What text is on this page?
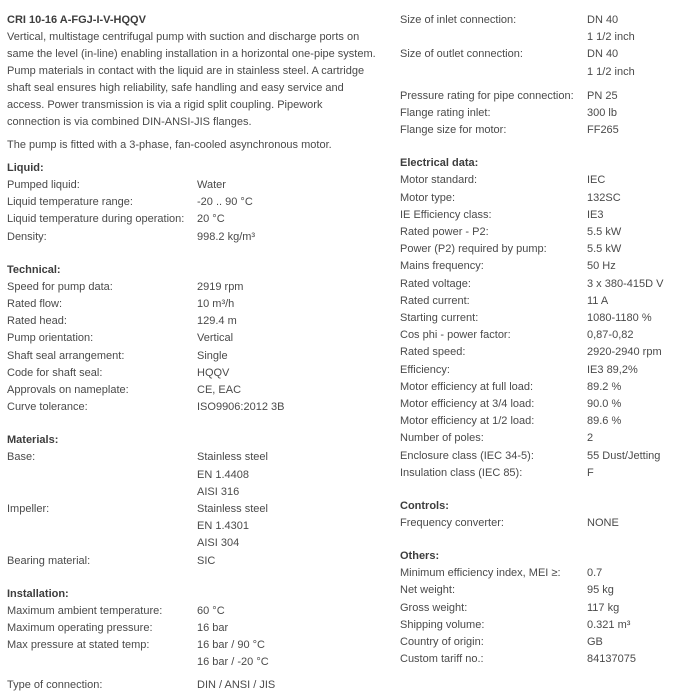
CRI 10-16 A-FGJ-I-V-HQQV

Vertical, multistage centrifugal pump with suction and discharge ports on

same the level (in-line) enabling installation in a horizontal one-pipe system.

Pump materials in contact with the liquid are in stainless steel. A cartridge

shaft seal ensures high reliability, safe handling and easy service and

access. Power transmission is via a rigid split coupling. Pipework

connection is via combined DIN-ANSI-JIS flanges.

The pump is fitted with a 3-phase, fan-cooled asynchronous motor.

Liquid:
Pumped liquid:	Water
Liquid temperature range:	-20 .. 90 °C
Liquid temperature during operation:	20 °C
Density:	998.2 kg/m³
Technical:
Speed for pump data:	2919 rpm
Rated flow:	10 m³/h
Rated head:	129.4 m
Pump orientation:	Vertical
Shaft seal arrangement:	Single
Code for shaft seal:	HQQV
Approvals on nameplate:	CE, EAC
Curve tolerance:	ISO9906:2012 3B
Materials:
Base:	Stainless steel
EN 1.4408
AISI 316
Impeller:	Stainless steel
EN 1.4301
AISI 304
Bearing material:	SIC
Installation:
Maximum ambient temperature:	60 °C
Maximum operating pressure:	16 bar
Max pressure at stated temp:	16 bar / 90 °C
16 bar / -20 °C
Type of connection:	DIN / ANSI / JIS
Size of inlet connection:	DN 40
1 1/2 inch
Size of outlet connection:	DN 40
1 1/2 inch
Pressure rating for pipe connection:	PN 25
Flange rating inlet:	300 lb
Flange size for motor:	FF265
Electrical data:
Motor standard:	IEC
Motor type:	132SC
IE Efficiency class:	IE3
Rated power - P2:	5.5 kW
Power (P2) required by pump:	5.5 kW
Mains frequency:	50 Hz
Rated voltage:	3 x 380-415D V
Rated current:	11 A
Starting current:	1080-1180 %
Cos phi - power factor:	0,87-0,82
Rated speed:	2920-2940 rpm
Efficiency:	IE3 89,2%
Motor efficiency at full load:	89.2 %
Motor efficiency at 3/4 load:	90.0 %
Motor efficiency at 1/2 load:	89.6 %
Number of poles:	2
Enclosure class (IEC 34-5):	55 Dust/Jetting
Insulation class (IEC 85):	F
Controls:
Frequency converter:	NONE
Others:
Minimum efficiency index, MEI ≥:	0.7
Net weight:	95 kg
Gross weight:	117 kg
Shipping volume:	0.321 m³
Country of origin:	GB
Custom tariff no.:	84137075
